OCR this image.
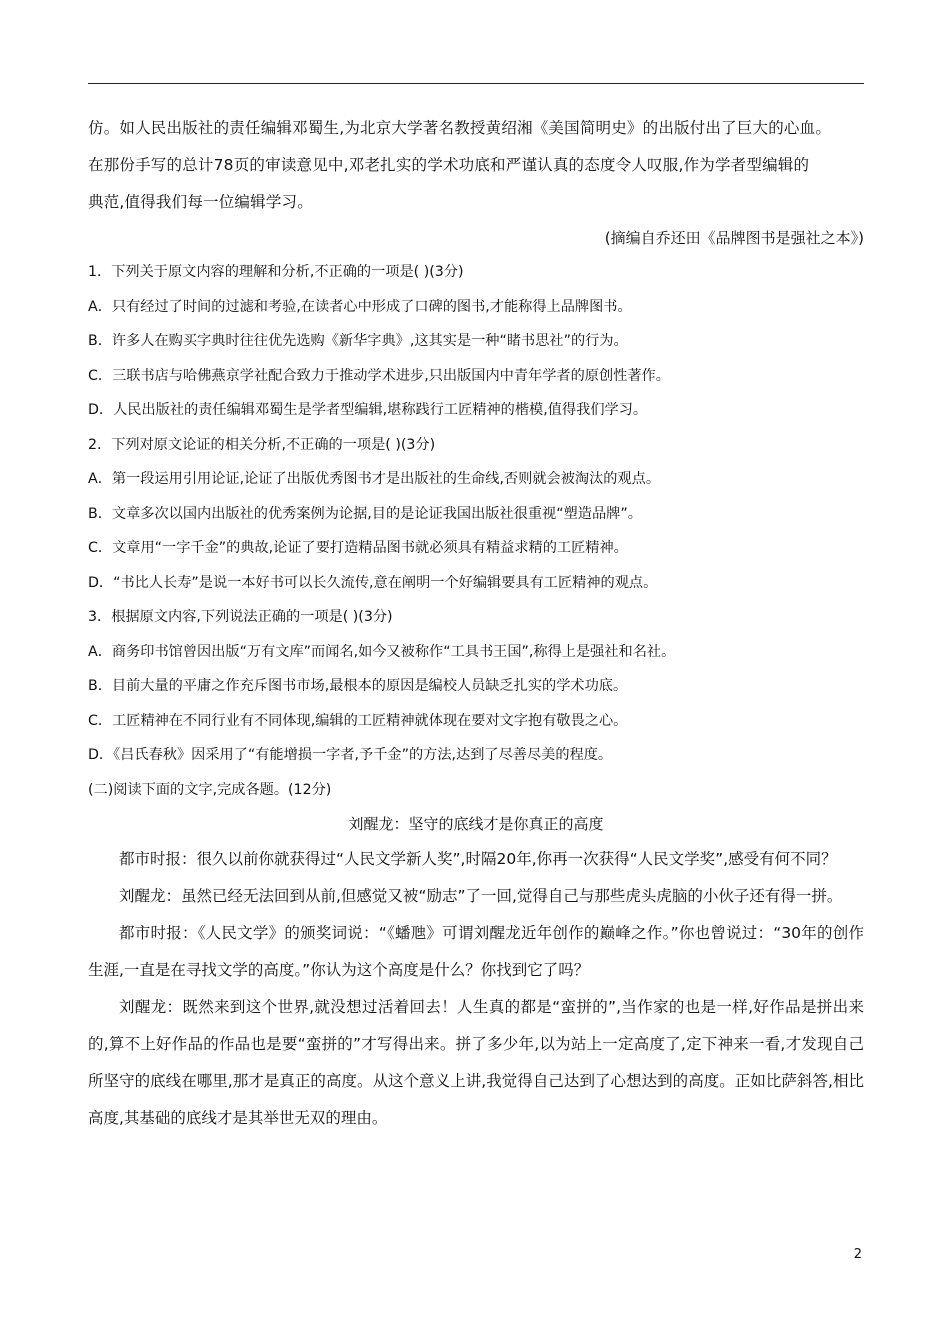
仿。如人民出版社的责任编辑邓蜀生,为北京大学著名教授黄绍湘《美国简明史》的出版付出了巨大的心血。

在那份手写的总计78页的审读意见中,邓老扎实的学术功底和严谨认真的态度令人叹服,作为学者型编辑的

典范,值得我们每一位编辑学习。

(摘编自乔还田《品牌图书是强社之本》)

1．下列关于原文内容的理解和分析,不正确的一项是( )(3分)

A．只有经过了时间的过滤和考验,在读者心中形成了口碑的图书,才能称得上品牌图书。

B．许多人在购买字典时往往优先选购《新华字典》,这其实是一种“睹书思社”的行为。

C．三联书店与哈佛燕京学社配合致力于推动学术进步,只出版国内中青年学者的原创性著作。

D．人民出版社的责任编辑邓蜀生是学者型编辑,堪称践行工匠精神的楷模,值得我们学习。

2．下列对原文论证的相关分析,不正确的一项是( )(3分)

A．第一段运用引用论证,论证了出版优秀图书才是出版社的生命线,否则就会被淘汰的观点。

B．文章多次以国内出版社的优秀案例为论据,目的是论证我国出版社很重视“塑造品牌”。

C．文章用“一字千金”的典故,论证了要打造精品图书就必须具有精益求精的工匠精神。

D．“书比人长寿”是说一本好书可以长久流传,意在阐明一个好编辑要具有工匠精神的观点。

3．根据原文内容,下列说法正确的一项是( )(3分)

A．商务印书馆曾因出版“万有文库”而闻名,如今又被称作“工具书王国”,称得上是强社和名社。

B．目前大量的平庸之作充斥图书市场,最根本的原因是编校人员缺乏扎实的学术功底。

C．工匠精神在不同行业有不同体现,编辑的工匠精神就体现在要对文字抱有敬畏之心。

D．《吕氏春秋》因采用了“有能增损一字者,予千金”的方法,达到了尽善尽美的程度。

(二)阅读下面的文字,完成各题。(12分)

刘醒龙：坚守的底线才是你真正的高度

都市时报：很久以前你就获得过“人民文学新人奖”,时隔20年,你再一次获得“人民文学奖”,感受有何不同？

刘醒龙：虽然已经无法回到从前,但感觉又被“励志”了一回,觉得自己与那些虎头虎脑的小伙子还有得一拼。

都市时报：《人民文学》的颁奖词说：“《蟠虺》可谓刘醒龙近年创作的巅峰之作。”你也曾说过：“30年的创作生涯,一直是在寻找文学的高度。”你认为这个高度是什么？你找到它了吗？

刘醒龙：既然来到这个世界,就没想过活着回去！人生真的都是“蛮拼的”,当作家的也是一样,好作品是拼出来的,算不上好作品的作品也是要“蛮拼的”才写得出来。拼了多少年,以为站上一定高度了,定下神来一看,才发现自己所坚守的底线在哪里,那才是真正的高度。从这个意义上讲,我觉得自己达到了心想达到的高度。正如比萨斜答,相比高度,其基础的底线才是其举世无双的理由。

2
